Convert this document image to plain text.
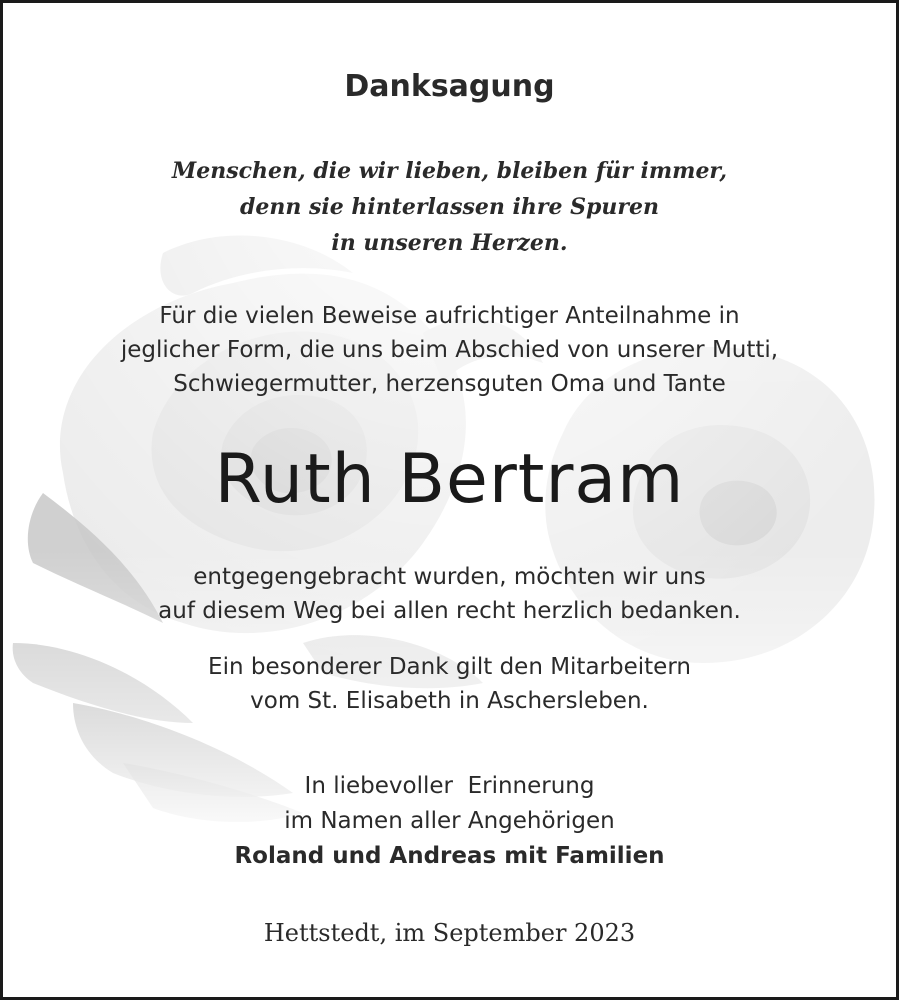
Danksagung

Menschen, die wir lieben, bleiben für immer,

denn sie hinterlassen ihre Spuren

in unseren Herzen.

Für die vielen Beweise aufrichtiger Anteilnahme in

jeglicher Form, die uns beim Abschied von unserer Mutti,

Schwiegermutter, herzensguten Oma und Tante

Ruth Bertram

entgegengebracht wurden, möchten wir uns

auf diesem Weg bei allen recht herzlich bedanken.

Ein besonderer Dank gilt den Mitarbeitern

vom St. Elisabeth in Aschersleben.

In liebevoller  Erinnerung

im Namen aller Angehörigen

Roland und Andreas mit Familien

Hettstedt, im September 2023
